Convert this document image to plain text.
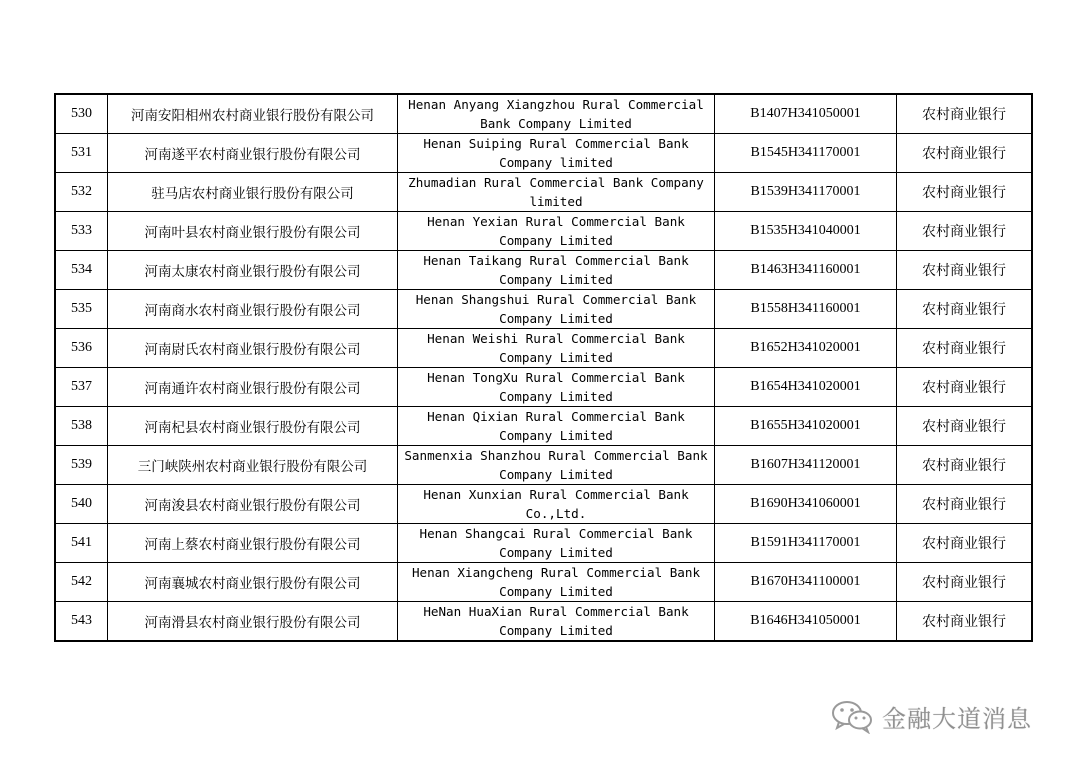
530	河南安阳相州农村商业银行股份有限公司	Henan Anyang Xiangzhou Rural Commercial Bank Company Limited	B1407H341050001	农村商业银行
531	河南遂平农村商业银行股份有限公司	Henan Suiping Rural Commercial Bank Company limited	B1545H341170001	农村商业银行
532	驻马店农村商业银行股份有限公司	Zhumadian Rural Commercial Bank Company limited	B1539H341170001	农村商业银行
533	河南叶县农村商业银行股份有限公司	Henan Yexian Rural Commercial Bank Company Limited	B1535H341040001	农村商业银行
534	河南太康农村商业银行股份有限公司	Henan Taikang Rural Commercial Bank Company Limited	B1463H341160001	农村商业银行
535	河南商水农村商业银行股份有限公司	Henan Shangshui Rural Commercial Bank Company Limited	B1558H341160001	农村商业银行
536	河南尉氏农村商业银行股份有限公司	Henan Weishi Rural Commercial Bank Company Limited	B1652H341020001	农村商业银行
537	河南通许农村商业银行股份有限公司	Henan TongXu Rural Commercial Bank Company Limited	B1654H341020001	农村商业银行
538	河南杞县农村商业银行股份有限公司	Henan Qixian Rural Commercial Bank Company Limited	B1655H341020001	农村商业银行
539	三门峡陕州农村商业银行股份有限公司	Sanmenxia Shanzhou Rural Commercial Bank Company Limited	B1607H341120001	农村商业银行
540	河南浚县农村商业银行股份有限公司	Henan Xunxian Rural Commercial Bank Co.,Ltd.	B1690H341060001	农村商业银行
541	河南上蔡农村商业银行股份有限公司	Henan Shangcai Rural Commercial Bank Company Limited	B1591H341170001	农村商业银行
542	河南襄城农村商业银行股份有限公司	Henan Xiangcheng Rural Commercial Bank Company Limited	B1670H341100001	农村商业银行
543	河南滑县农村商业银行股份有限公司	HeNan HuaXian Rural Commercial Bank Company Limited	B1646H341050001	农村商业银行
金融大道消息
